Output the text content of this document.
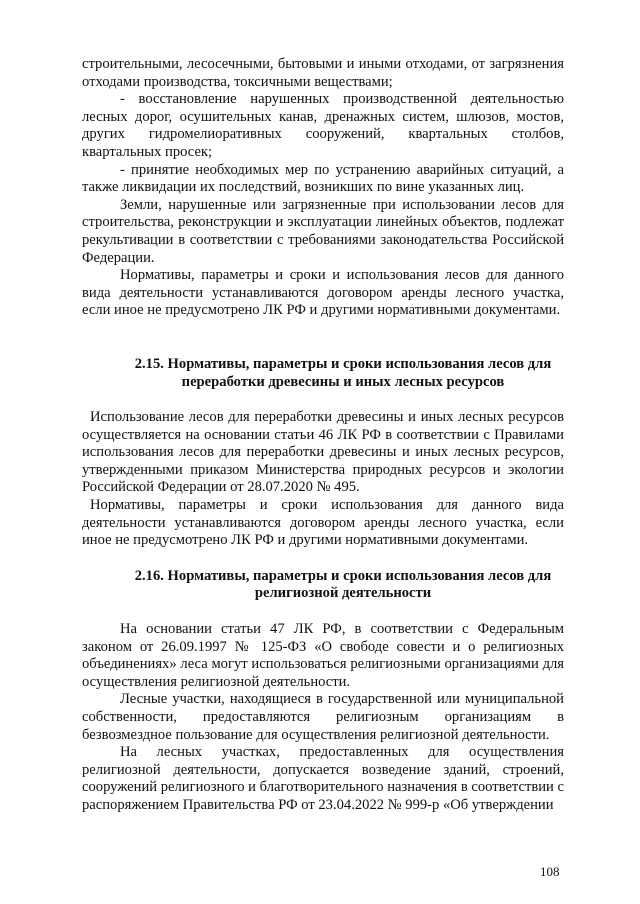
строительными, лесосечными, бытовыми и иными отходами, от загрязнения отходами производства, токсичными веществами;

- восстановление нарушенных производственной деятельностью лесных дорог, осушительных канав, дренажных систем, шлюзов, мостов, других гидромелиоративных сооружений, квартальных столбов, квартальных просек;

- принятие необходимых мер по устранению аварийных ситуаций, а также ликвидации их последствий, возникших по вине указанных лиц.

Земли, нарушенные или загрязненные при использовании лесов для строительства, реконструкции и эксплуатации линейных объектов, подлежат рекультивации в соответствии с требованиями законодательства Российской Федерации.

Нормативы, параметры и сроки и использования лесов для данного вида деятельности устанавливаются договором аренды лесного участка, если иное не предусмотрено ЛК РФ и другими нормативными документами.

2.15. Нормативы, параметры и сроки использования лесов для
переработки древесины и иных лесных ресурсов

Использование лесов для переработки древесины и иных лесных ресурсов осуществляется на основании статьи 46 ЛК РФ в соответствии с Правилами использования лесов для переработки древесины и иных лесных ресурсов, утвержденными приказом Министерства природных ресурсов и экологии Российской Федерации от 28.07.2020 № 495.

Нормативы, параметры и сроки использования для данного вида деятельности устанавливаются договором аренды лесного участка, если иное не предусмотрено ЛК РФ и другими нормативными документами.

2.16. Нормативы, параметры и сроки использования лесов для
религиозной деятельности

На основании статьи 47 ЛК РФ, в соответствии с Федеральным законом от 26.09.1997 № 125-ФЗ «О свободе совести и о религиозных объединениях» леса могут использоваться религиозными организациями для осуществления религиозной деятельности.

Лесные участки, находящиеся в государственной или муниципальной собственности, предоставляются религиозным организациям в безвозмездное пользование для осуществления религиозной деятельности.

На лесных участках, предоставленных для осуществления религиозной деятельности, допускается возведение зданий, строений, сооружений религиозного и благотворительного назначения в соответствии с распоряжением Правительства РФ от 23.04.2022 № 999-р «Об утверждении

108
